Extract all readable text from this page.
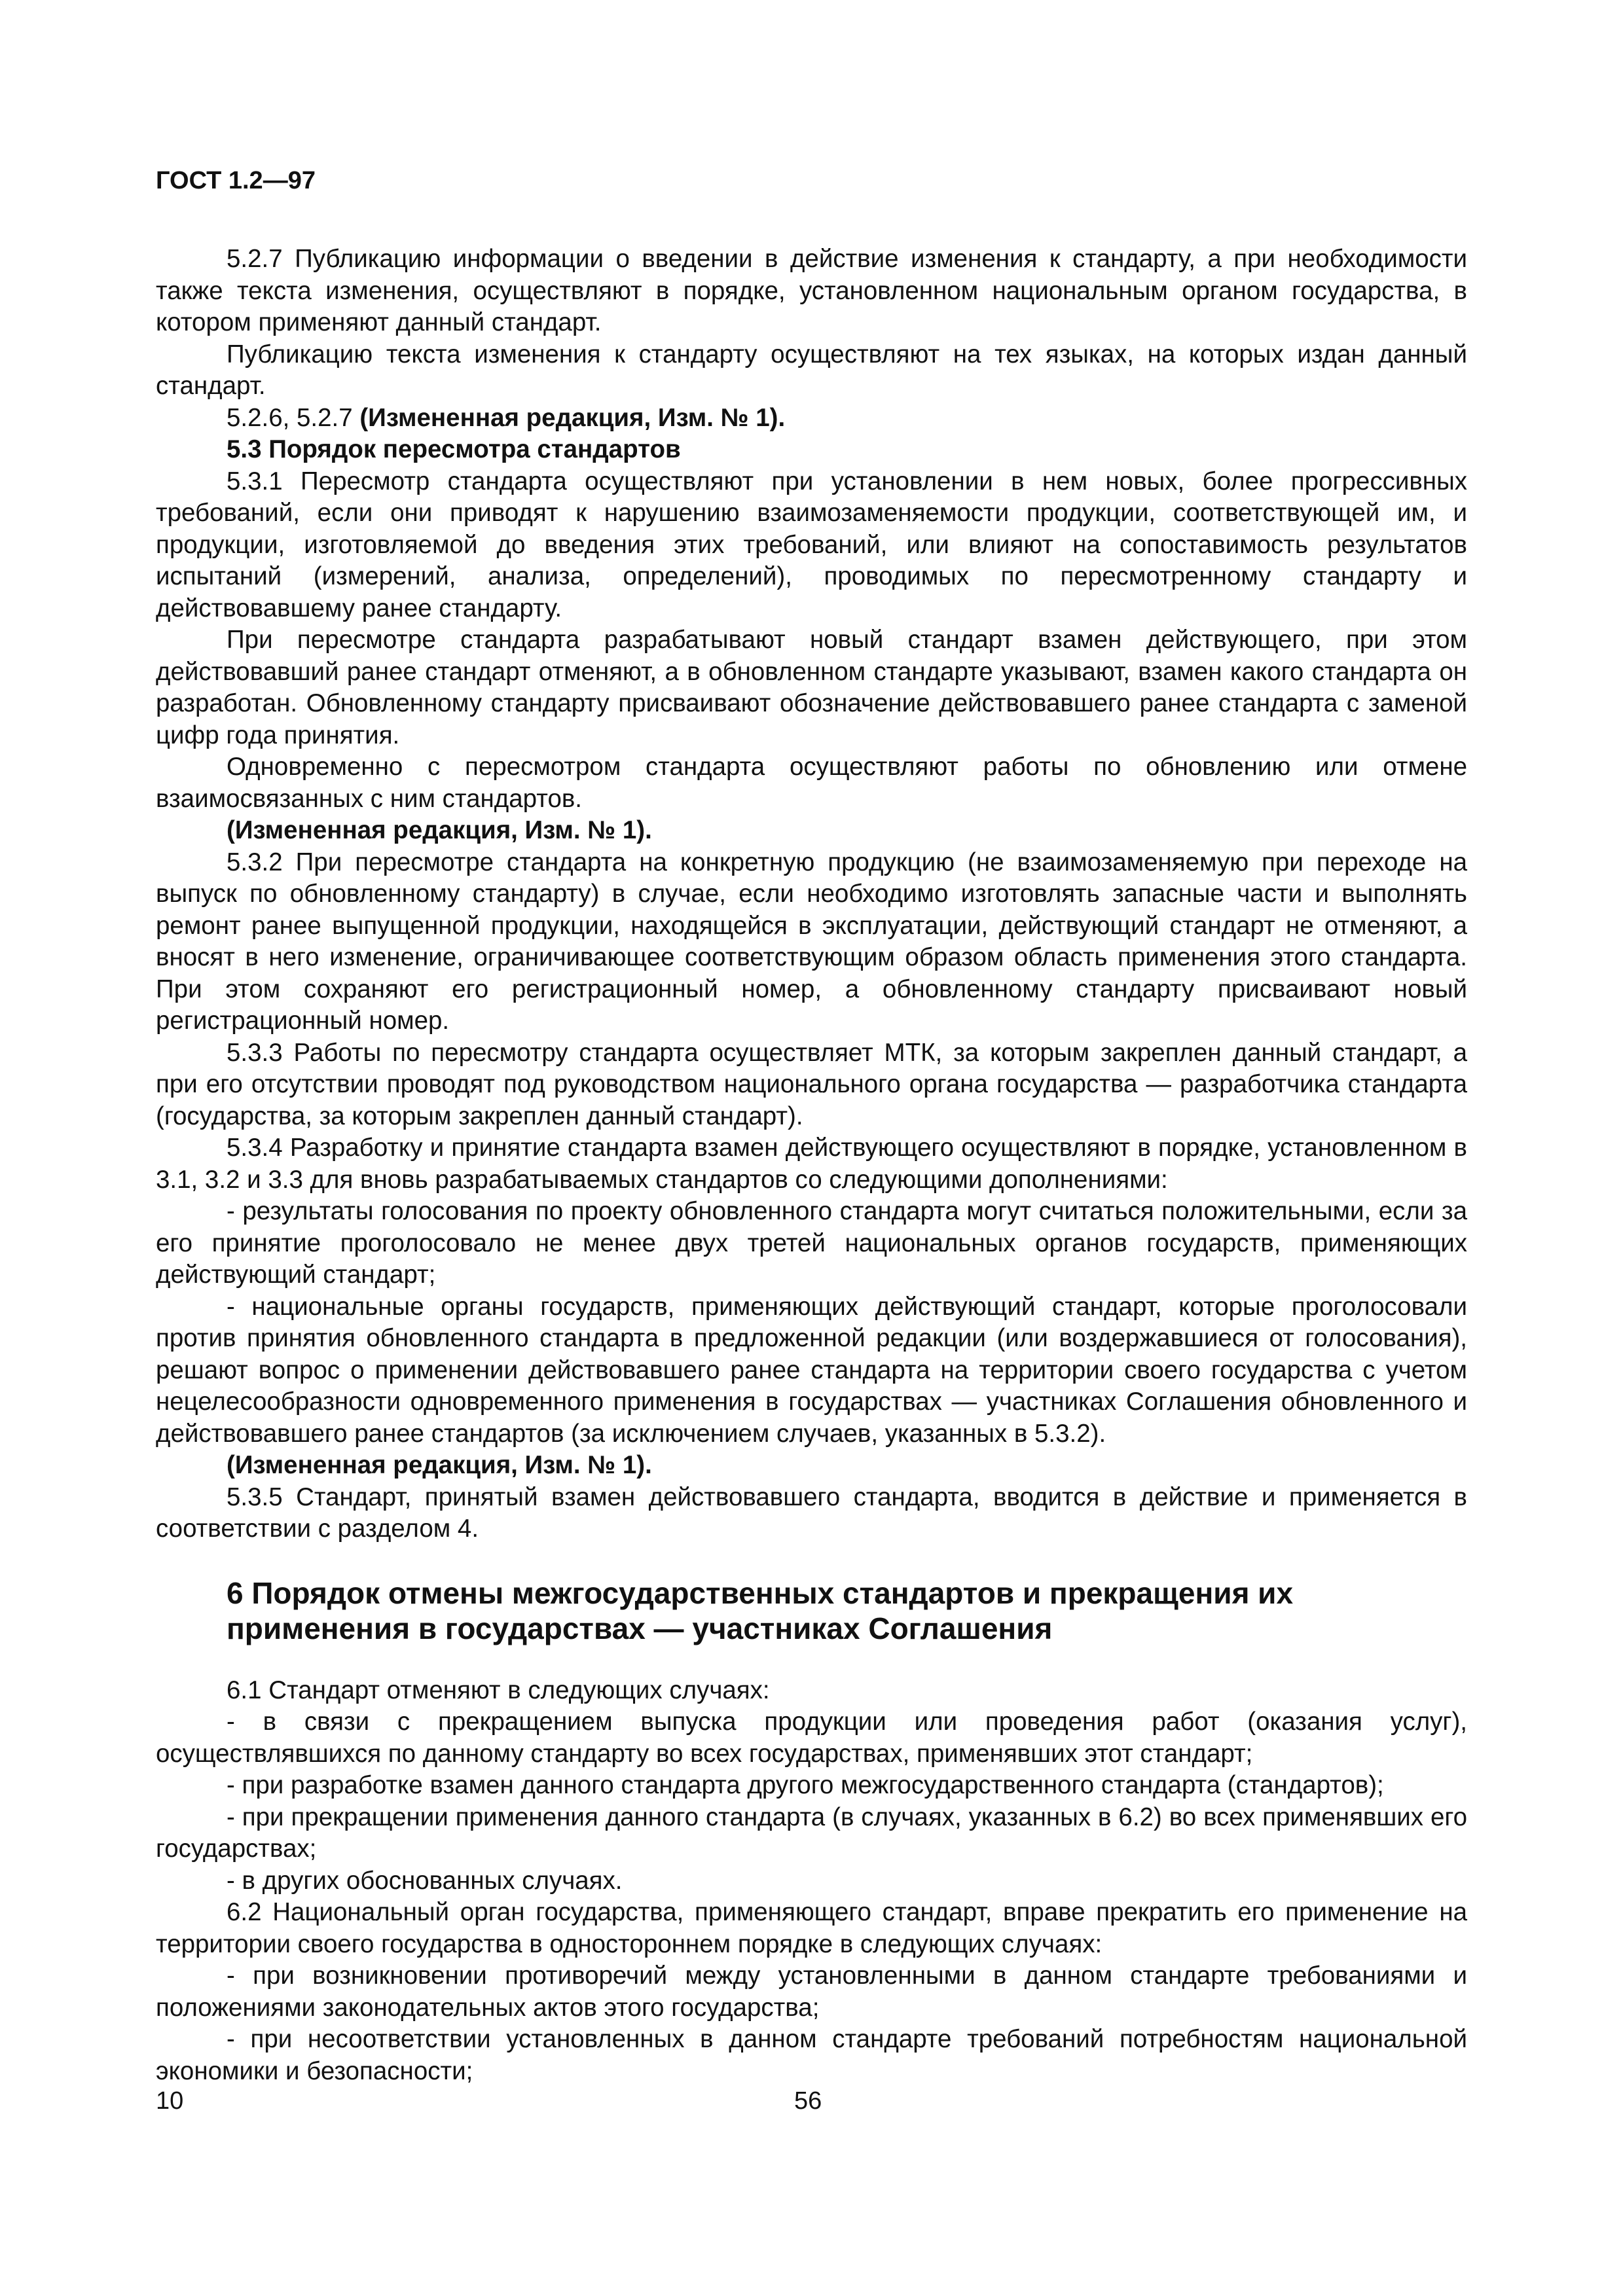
ГОСТ 1.2—97

5.2.7 Публикацию информации о введении в действие изменения к стандарту, а при необходимости также текста изменения, осуществляют в порядке, установленном национальным органом государства, в котором применяют данный стандарт.

Публикацию текста изменения к стандарту осуществляют на тех языках, на которых издан данный стандарт.

5.2.6, 5.2.7 (Измененная редакция, Изм. № 1).

5.3 Порядок пересмотра стандартов

5.3.1 Пересмотр стандарта осуществляют при установлении в нем новых, более прогрессивных требований, если они приводят к нарушению взаимозаменяемости продукции, соответствующей им, и продукции, изготовляемой до введения этих требований, или влияют на сопоставимость результатов испытаний (измерений, анализа, определений), проводимых по пересмотренному стандарту и действовавшему ранее стандарту.

При пересмотре стандарта разрабатывают новый стандарт взамен действующего, при этом действовавший ранее стандарт отменяют, а в обновленном стандарте указывают, взамен какого стандарта он разработан. Обновленному стандарту присваивают обозначение действовавшего ранее стандарта с заменой цифр года принятия.

Одновременно с пересмотром стандарта осуществляют работы по обновлению или отмене взаимосвязанных с ним стандартов.

(Измененная редакция, Изм. № 1).

5.3.2 При пересмотре стандарта на конкретную продукцию (не взаимозаменяемую при переходе на выпуск по обновленному стандарту) в случае, если необходимо изготовлять запасные части и выполнять ремонт ранее выпущенной продукции, находящейся в эксплуатации, действующий стандарт не отменяют, а вносят в него изменение, ограничивающее соответствующим образом область применения этого стандарта. При этом сохраняют его регистрационный номер, а обновленному стандарту присваивают новый регистрационный номер.

5.3.3 Работы по пересмотру стандарта осуществляет МТК, за которым закреплен данный стандарт, а при его отсутствии проводят под руководством национального органа государства — разработчика стандарта (государства, за которым закреплен данный стандарт).

5.3.4 Разработку и принятие стандарта взамен действующего осуществляют в порядке, установленном в 3.1, 3.2 и 3.3 для вновь разрабатываемых стандартов со следующими дополнениями:

- результаты голосования по проекту обновленного стандарта могут считаться положительными, если за его принятие проголосовало не менее двух третей национальных органов государств, применяющих действующий стандарт;

- национальные органы государств, применяющих действующий стандарт, которые проголосовали против принятия обновленного стандарта в предложенной редакции (или воздержавшиеся от голосования), решают вопрос о применении действовавшего ранее стандарта на территории своего государства с учетом нецелесообразности одновременного применения в государствах — участниках Соглашения обновленного и действовавшего ранее стандартов (за исключением случаев, указанных в 5.3.2).

(Измененная редакция, Изм. № 1).

5.3.5 Стандарт, принятый взамен действовавшего стандарта, вводится в действие и применяется в соответствии с разделом 4.

6 Порядок отмены межгосударственных стандартов и прекращения их применения в государствах — участниках Соглашения

6.1 Стандарт отменяют в следующих случаях:

- в связи с прекращением выпуска продукции или проведения работ (оказания услуг), осуществлявшихся по данному стандарту во всех государствах, применявших этот стандарт;

- при разработке взамен данного стандарта другого межгосударственного стандарта (стандартов);

- при прекращении применения данного стандарта (в случаях, указанных в 6.2) во всех применявших его государствах;

- в других обоснованных случаях.

6.2 Национальный орган государства, применяющего стандарт, вправе прекратить его применение на территории своего государства в одностороннем порядке в следующих случаях:

- при возникновении противоречий между установленными в данном стандарте требованиями и положениями законодательных актов этого государства;

- при несоответствии установленных в данном стандарте требований потребностям национальной экономики и безопасности;

10	56
